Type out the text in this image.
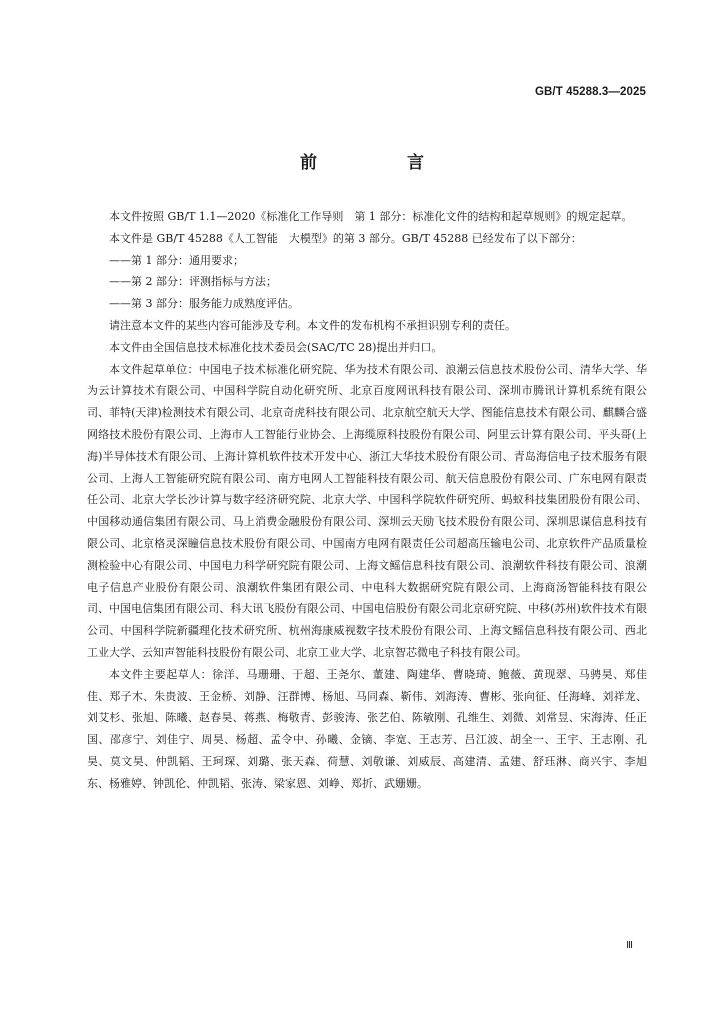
GB/T 45288.3—2025
前 言

本文件按照 GB/T 1.1—2020《标准化工作导则　第 1 部分：标准化文件的结构和起草规则》的规定起草。

本文件是 GB/T 45288《人工智能　大模型》的第 3 部分。GB/T 45288 已经发布了以下部分：

——第 1 部分：通用要求；

——第 2 部分：评测指标与方法；

——第 3 部分：服务能力成熟度评估。

请注意本文件的某些内容可能涉及专利。本文件的发布机构不承担识别专利的责任。

本文件由全国信息技术标准化技术委员会(SAC/TC 28)提出并归口。

本文件起草单位：中国电子技术标准化研究院、华为技术有限公司、浪潮云信息技术股份公司、清华大学、华为云计算技术有限公司、中国科学院自动化研究所、北京百度网讯科技有限公司、深圳市腾讯计算机系统有限公司、菲特(天津)检测技术有限公司、北京奇虎科技有限公司、北京航空航天大学、图能信息技术有限公司、麒麟合盛网络技术股份有限公司、上海市人工智能行业协会、上海缆原科技股份有限公司、阿里云计算有限公司、平头哥(上海)半导体技术有限公司、上海计算机软件技术开发中心、浙江大华技术股份有限公司、青岛海信电子技术服务有限公司、上海人工智能研究院有限公司、南方电网人工智能科技有限公司、航天信息股份有限公司、广东电网有限责任公司、北京大学长沙计算与数字经济研究院、北京大学、中国科学院软件研究所、蚂蚁科技集团股份有限公司、中国移动通信集团有限公司、马上消费金融股份有限公司、深圳云天励飞技术股份有限公司、深圳思谋信息科技有限公司、北京格灵深瞳信息技术股份有限公司、中国南方电网有限责任公司超高压输电公司、北京软件产品质量检测检验中心有限公司、中国电力科学研究院有限公司、上海文鳐信息科技有限公司、浪潮软件科技有限公司、浪潮电子信息产业股份有限公司、浪潮软件集团有限公司、中电科大数据研究院有限公司、上海商汤智能科技有限公司、中国电信集团有限公司、科大讯飞股份有限公司、中国电信股份有限公司北京研究院、中移(苏州)软件技术有限公司、中国科学院新疆理化技术研究所、杭州海康威视数字技术股份有限公司、上海文鳐信息科技有限公司、西北工业大学、云知声智能科技股份有限公司、北京工业大学、北京智芯微电子科技有限公司。

本文件主要起草人：徐洋、马珊珊、于超、王尧尔、董建、陶建华、曹晓琦、鲍薇、黄现翠、马骋昊、郑佳佳、郑子木、朱贵波、王金桥、刘静、汪群博、杨旭、马同森、靳伟、刘海涛、曹彬、张向征、任海峰、刘祥龙、刘艾杉、张旭、陈曦、赵春昊、蒋燕、梅敬青、彭骏涛、张艺伯、陈敏刚、孔维生、刘微、刘常昱、宋海涛、任正国、邵彦宁、刘佳宁、周昊、杨超、孟令中、孙曦、金镝、李宽、王志芳、吕江波、胡全一、王宇、王志刚、孔昊、莫文昊、仲凯韬、王珂琛、刘璐、张天森、荷慧、刘敬谦、刘威辰、高建清、孟建、舒珏淋、商兴宇、李旭东、杨雅婷、钟凯伦、仲凯韬、张涛、梁家恩、刘峥、郑折、武姗姗。

Ⅲ
